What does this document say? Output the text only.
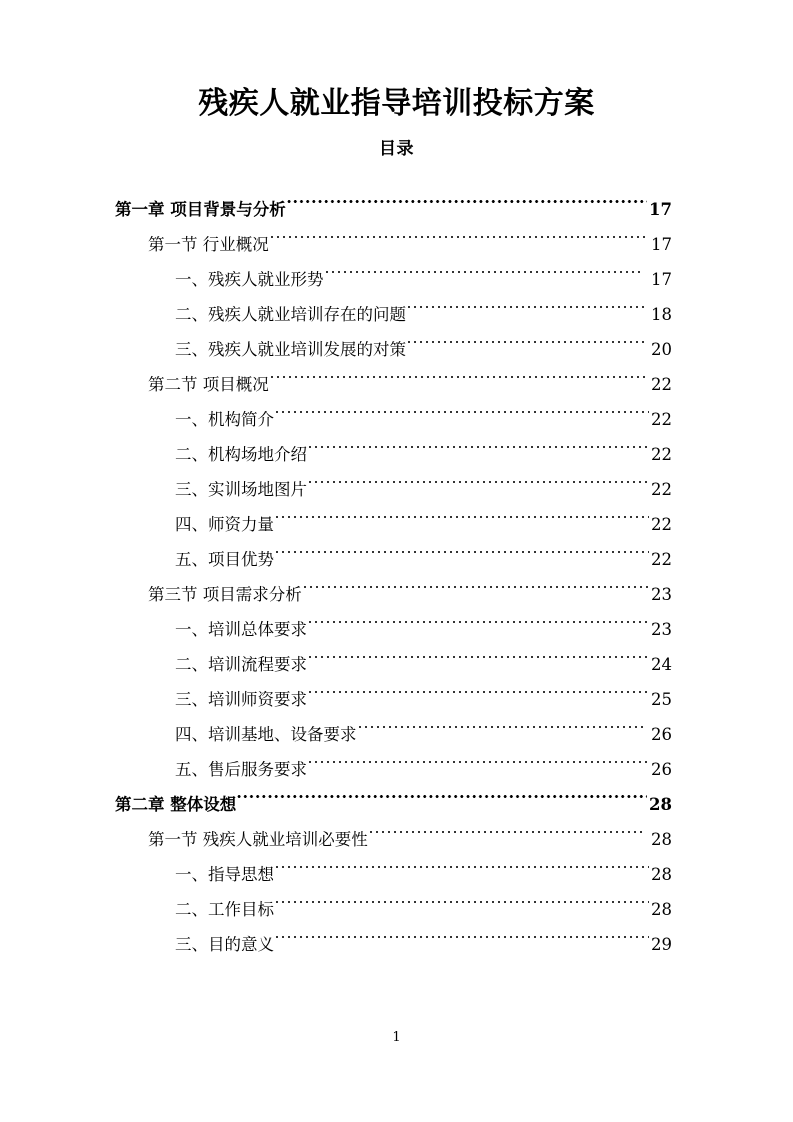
残疾人就业指导培训投标方案
目录
第一章 项目背景与分析	17
第一节 行业概况	17
一、残疾人就业形势	17
二、残疾人就业培训存在的问题	18
三、残疾人就业培训发展的对策	20
第二节 项目概况	22
一、机构简介	22
二、机构场地介绍	22
三、实训场地图片	22
四、师资力量	22
五、项目优势	22
第三节 项目需求分析	23
一、培训总体要求	23
二、培训流程要求	24
三、培训师资要求	25
四、培训基地、设备要求	26
五、售后服务要求	26
第二章 整体设想	28
第一节 残疾人就业培训必要性	28
一、指导思想	28
二、工作目标	28
三、目的意义	29
1
